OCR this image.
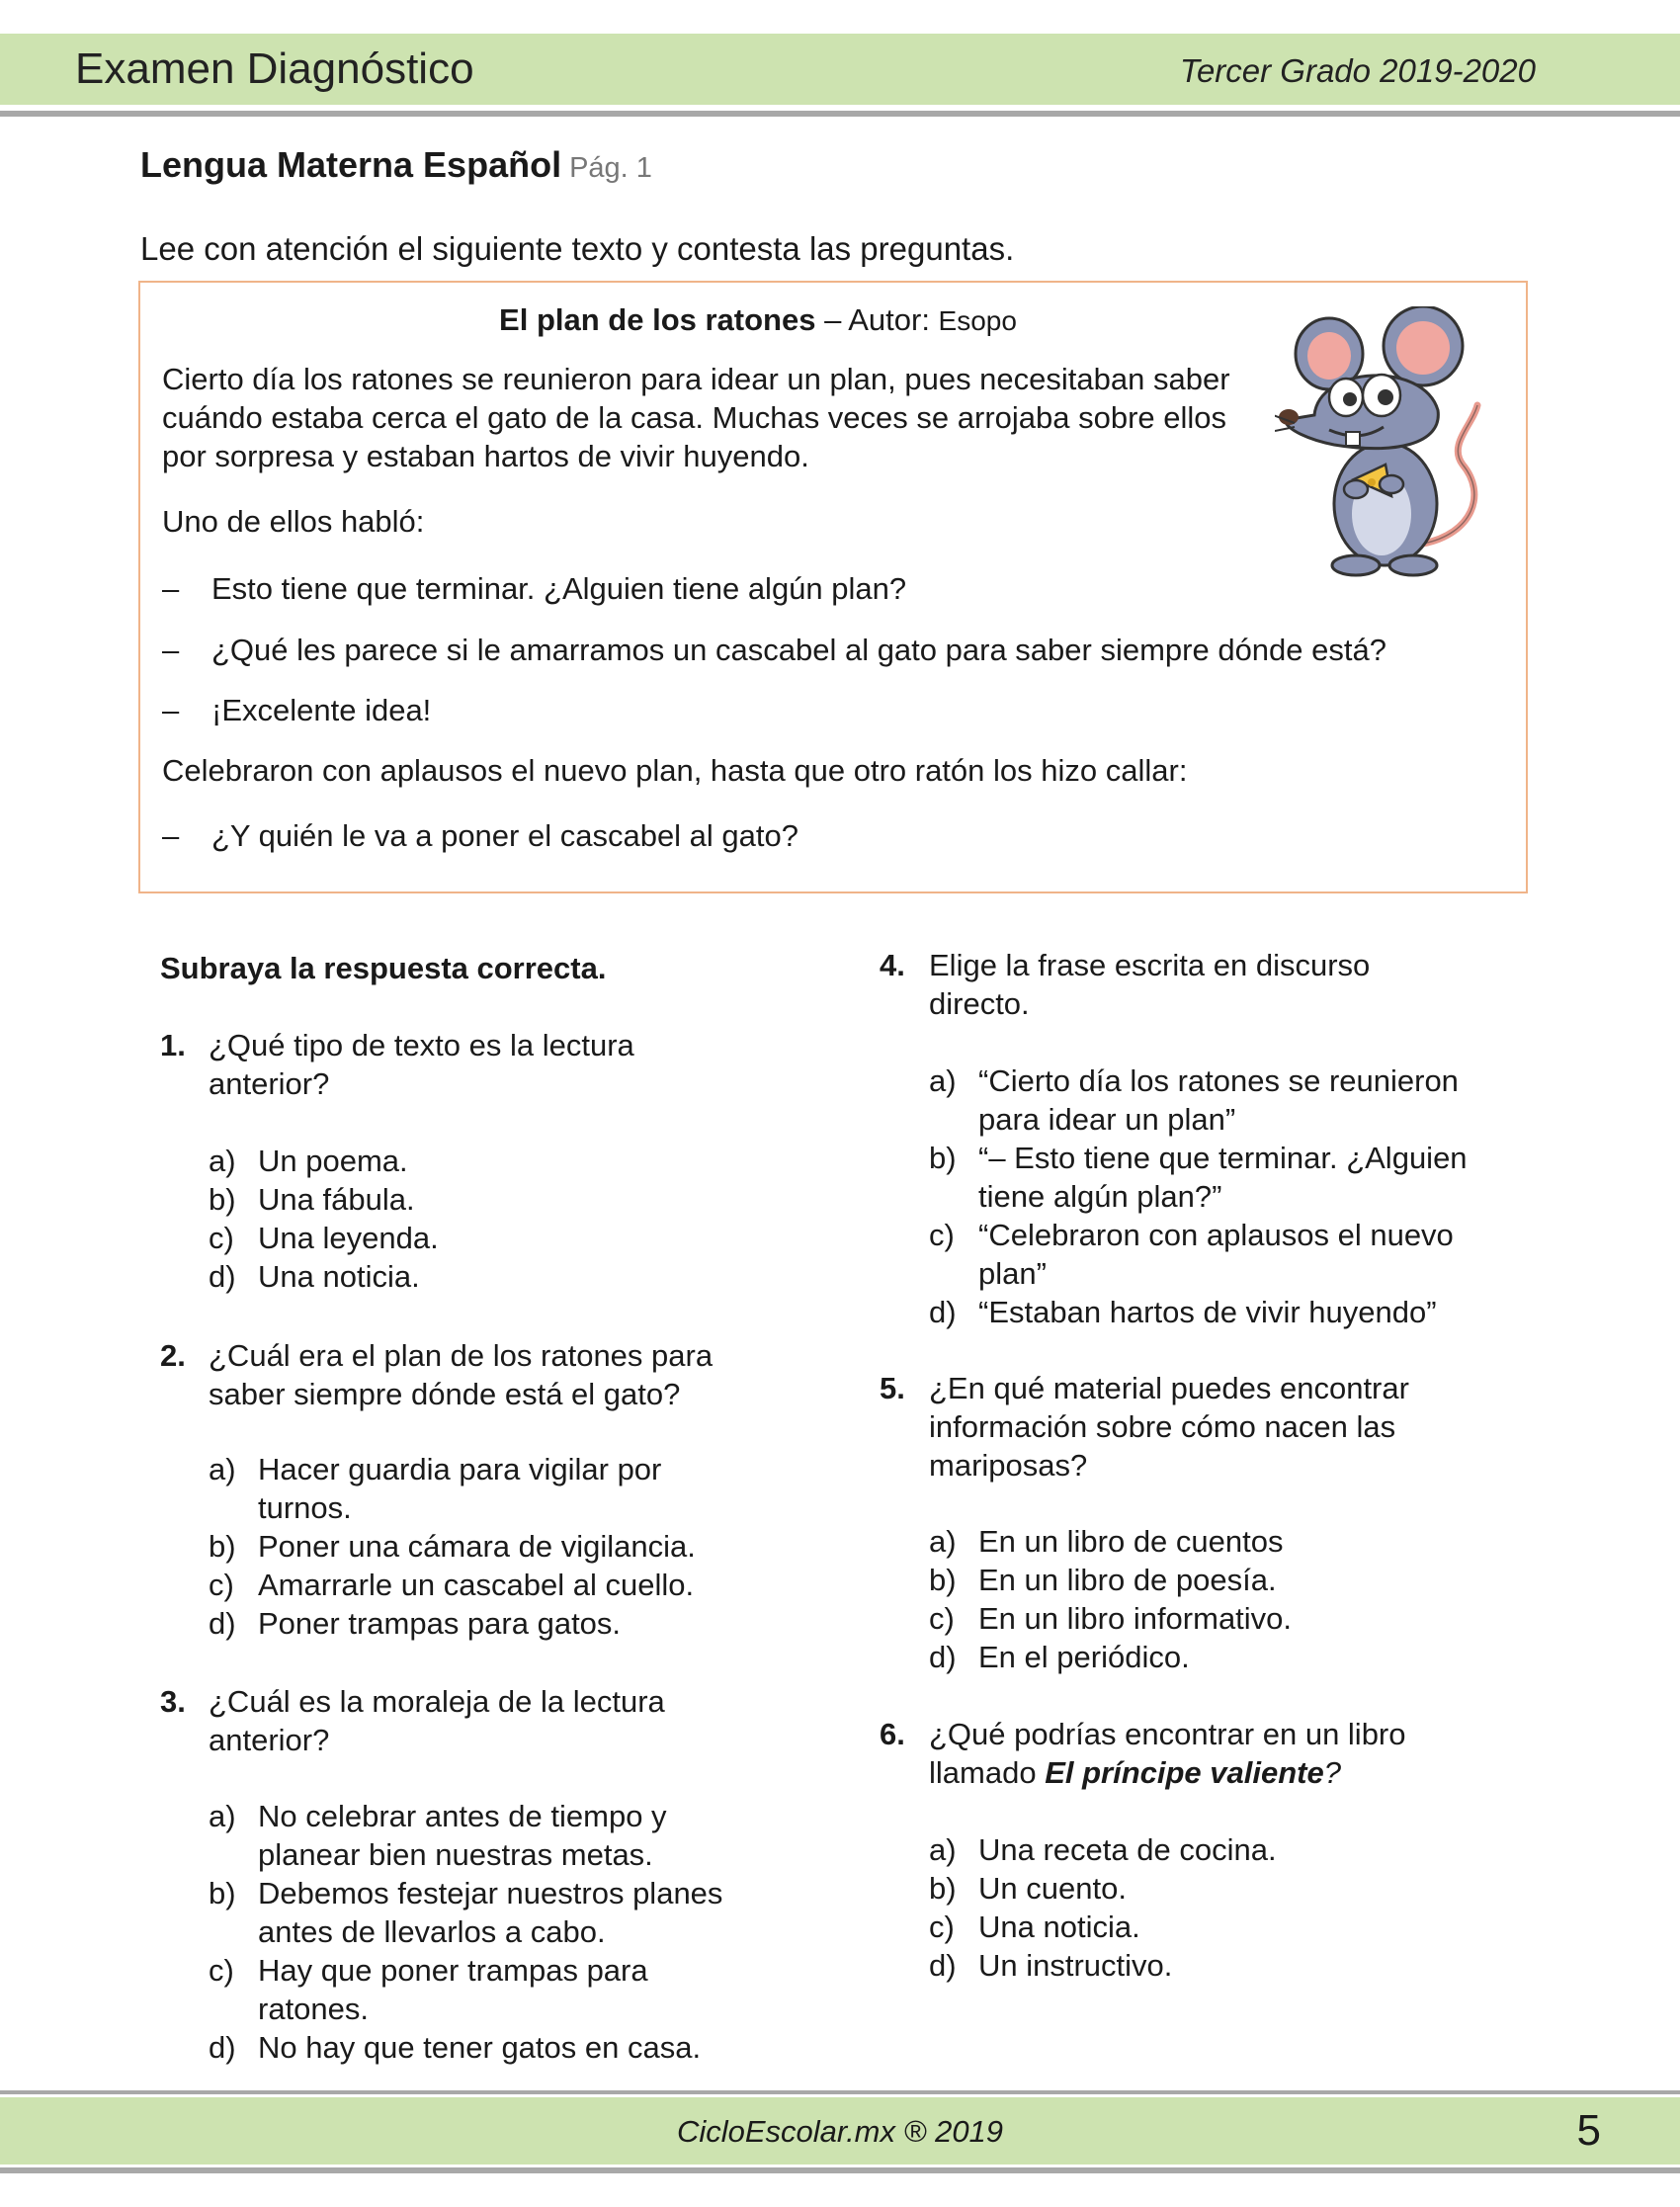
Examen Diagnóstico	Tercer Grado 2019-2020
Lengua Materna Español Pág. 1
Lee con atención el siguiente texto y contesta las preguntas.
El plan de los ratones – Autor: Esopo
Cierto día los ratones se reunieron para idear un plan, pues necesitaban saber cuándo estaba cerca el gato de la casa. Muchas veces se arrojaba sobre ellos por sorpresa y estaban hartos de vivir huyendo.
Uno de ellos habló:
– Esto tiene que terminar. ¿Alguien tiene algún plan?
– ¿Qué les parece si le amarramos un cascabel al gato para saber siempre dónde está?
– ¡Excelente idea!
Celebraron con aplausos el nuevo plan, hasta que otro ratón los hizo callar:
– ¿Y quién le va a poner el cascabel al gato?
Subraya la respuesta correcta.
1. ¿Qué tipo de texto es la lectura anterior?
a) Un poema.
b) Una fábula.
c) Una leyenda.
d) Una noticia.
2. ¿Cuál era el plan de los ratones para saber siempre dónde está el gato?
a) Hacer guardia para vigilar por turnos.
b) Poner una cámara de vigilancia.
c) Amarrarle un cascabel al cuello.
d) Poner trampas para gatos.
3. ¿Cuál es la moraleja de la lectura anterior?
a) No celebrar antes de tiempo y planear bien nuestras metas.
b) Debemos festejar nuestros planes antes de llevarlos a cabo.
c) Hay que poner trampas para ratones.
d) No hay que tener gatos en casa.
4. Elige la frase escrita en discurso directo.
a) “Cierto día los ratones se reunieron para idear un plan”
b) “– Esto tiene que terminar. ¿Alguien tiene algún plan?”
c) “Celebraron con aplausos el nuevo plan”
d) “Estaban hartos de vivir huyendo”
5. ¿En qué material puedes encontrar información sobre cómo nacen las mariposas?
a) En un libro de cuentos
b) En un libro de poesía.
c) En un libro informativo.
d) En el periódico.
6. ¿Qué podrías encontrar en un libro llamado El príncipe valiente?
a) Una receta de cocina.
b) Un cuento.
c) Una noticia.
d) Un instructivo.
CicloEscolar.mx ® 2019	5
